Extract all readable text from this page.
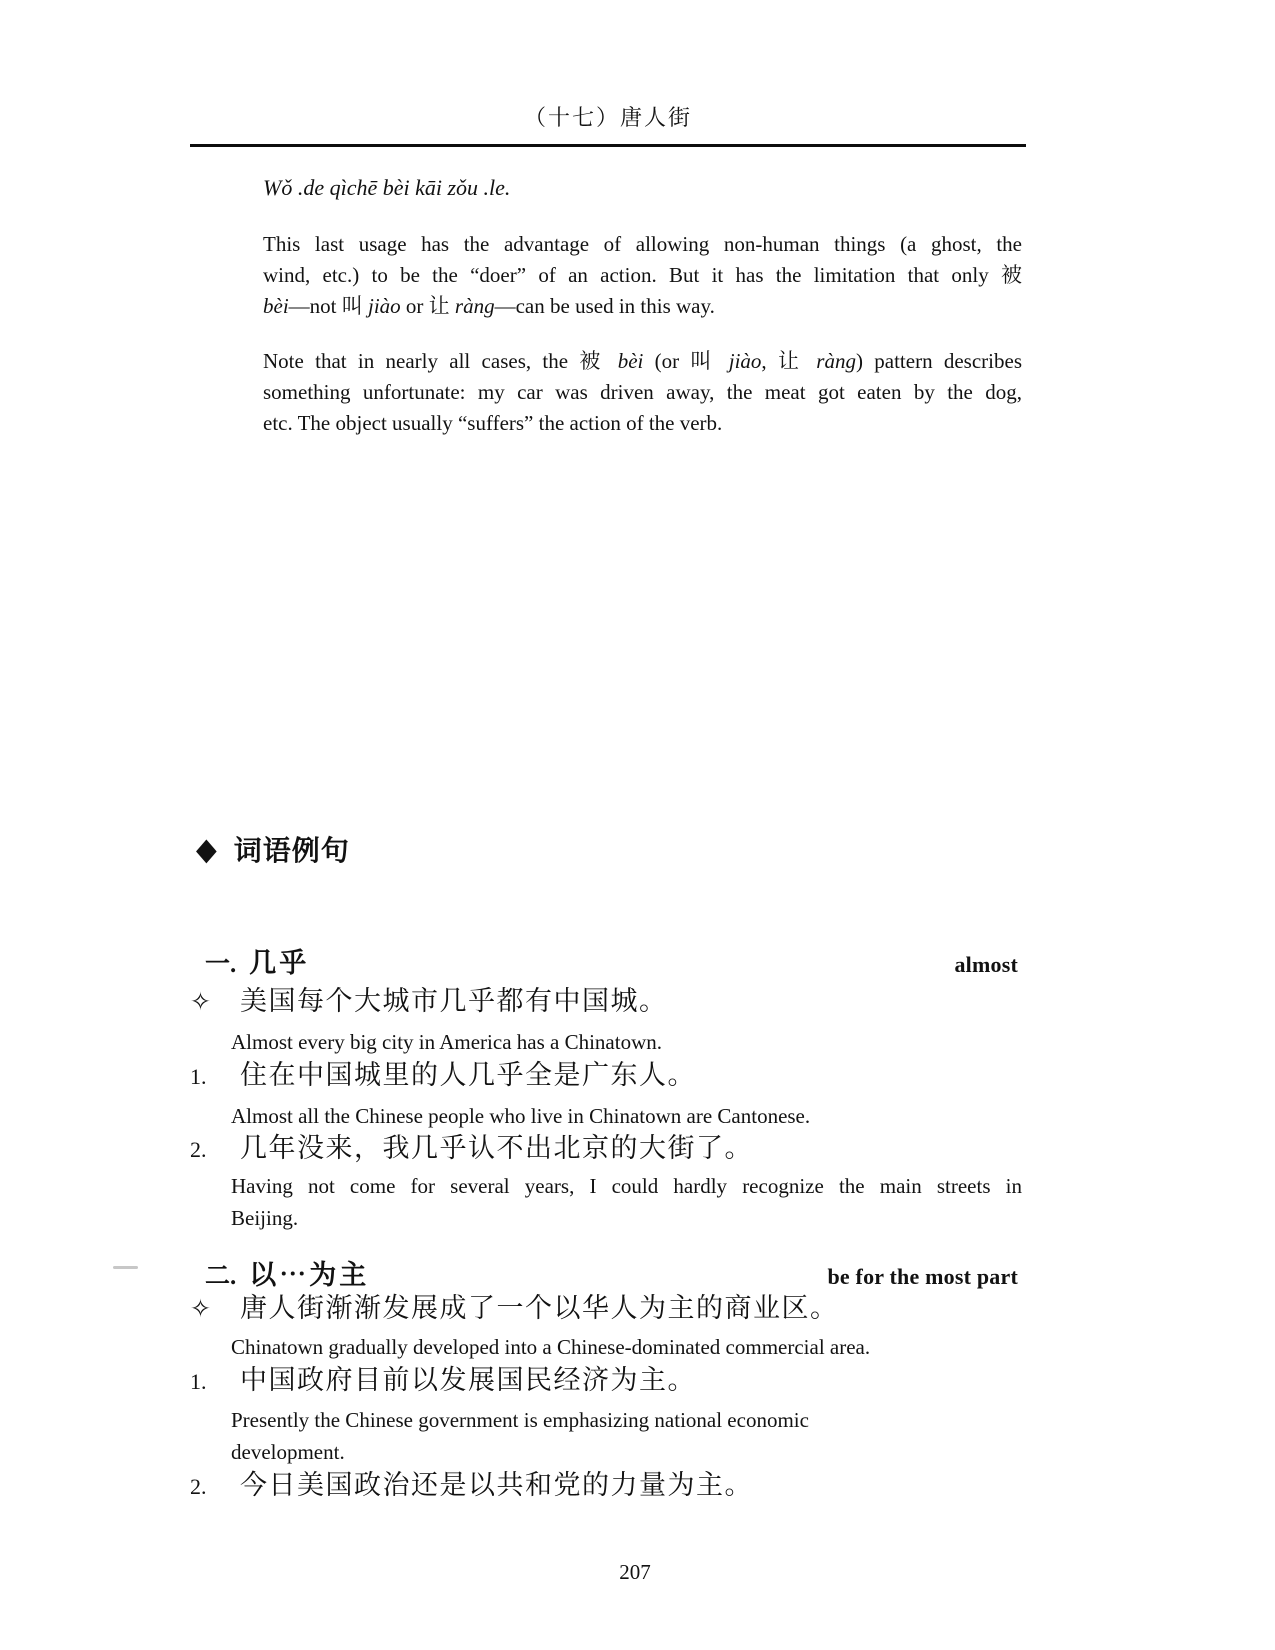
（十七）唐人街
Wǒ .de qìchē bèi kāi zǒu .le.
This last usage has the advantage of allowing non-human things (a ghost, the
wind, etc.) to be the “doer” of an action. But it has the limitation that only 被
bèi—not 叫 jiào or 让 ràng—can be used in this way.
Note that in nearly all cases, the 被 bèi (or 叫 jiào, 让 ràng) pattern describes
something unfortunate: my car was driven away, the meat got eaten by the dog,
etc. The object usually “suffers” the action of the verb.
◆ 词语例句
一. 几乎	almost
✧ 美国每个大城市几乎都有中国城。
Almost every big city in America has a Chinatown.
1. 住在中国城里的人几乎全是广东人。
Almost all the Chinese people who live in Chinatown are Cantonese.
2. 几年没来，我几乎认不出北京的大街了。
Having not come for several years, I could hardly recognize the main streets in
Beijing.
二. 以⋯为主	be for the most part
✧ 唐人街渐渐发展成了一个以华人为主的商业区。
Chinatown gradually developed into a Chinese-dominated commercial area.
1. 中国政府目前以发展国民经济为主。
Presently the Chinese government is emphasizing national economic
development.
2. 今日美国政治还是以共和党的力量为主。
207
